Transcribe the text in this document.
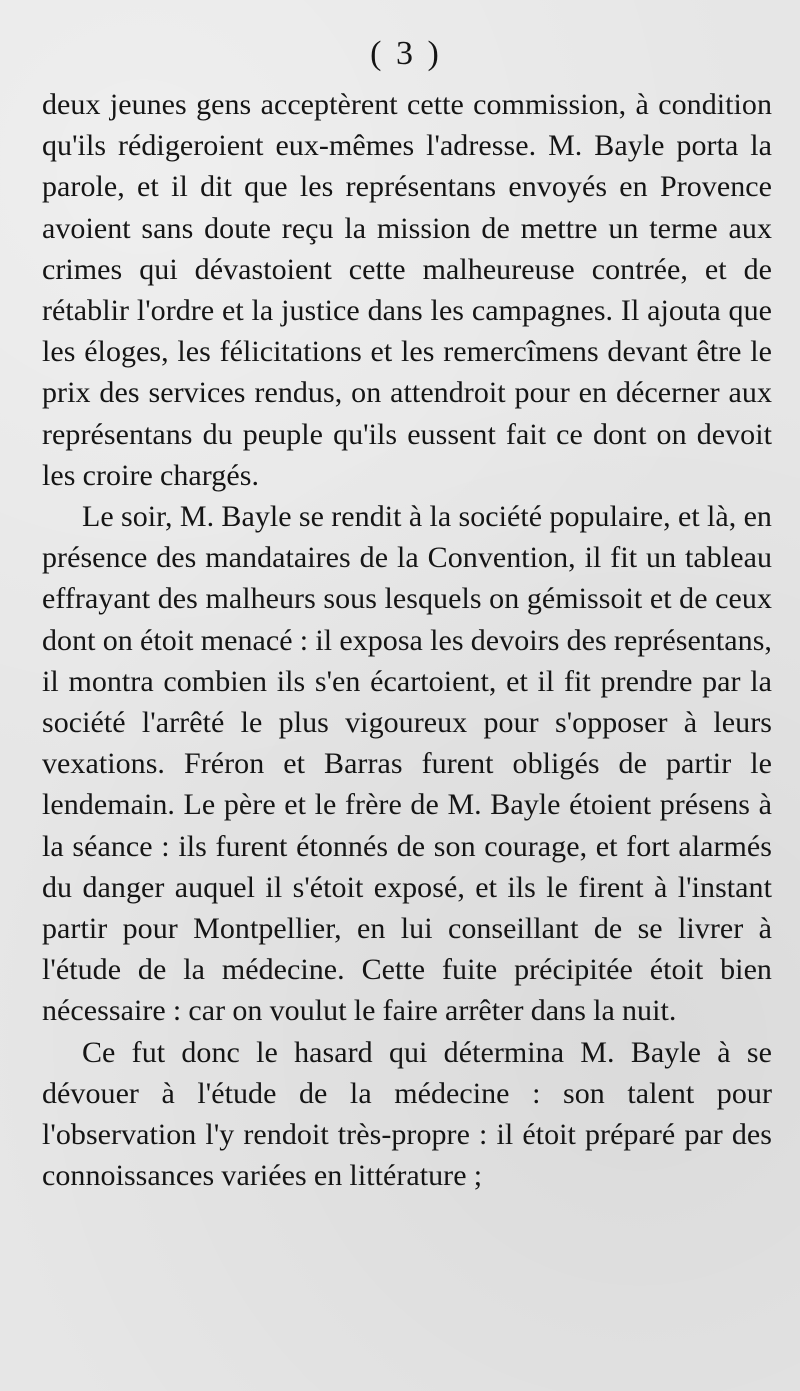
( 3 )

deux jeunes gens acceptèrent cette commission, à condition qu'ils rédigeroient eux-mêmes l'adresse. M. Bayle porta la parole, et il dit que les représentans envoyés en Provence avoient sans doute reçu la mission de mettre un terme aux crimes qui dévastoient cette malheureuse contrée, et de rétablir l'ordre et la justice dans les campagnes. Il ajouta que les éloges, les félicitations et les remercîmens devant être le prix des services rendus, on attendroit pour en décerner aux représentans du peuple qu'ils eussent fait ce dont on devoit les croire chargés.

Le soir, M. Bayle se rendit à la société populaire, et là, en présence des mandataires de la Convention, il fit un tableau effrayant des malheurs sous lesquels on gémissoit et de ceux dont on étoit menacé : il exposa les devoirs des représentans, il montra combien ils s'en écartoient, et il fit prendre par la société l'arrêté le plus vigoureux pour s'opposer à leurs vexations. Fréron et Barras furent obligés de partir le lendemain. Le père et le frère de M. Bayle étoient présens à la séance : ils furent étonnés de son courage, et fort alarmés du danger auquel il s'étoit exposé, et ils le firent à l'instant partir pour Montpellier, en lui conseillant de se livrer à l'étude de la médecine. Cette fuite précipitée étoit bien nécessaire : car on voulut le faire arrêter dans la nuit.

Ce fut donc le hasard qui détermina M. Bayle à se dévouer à l'étude de la médecine : son talent pour l'observation l'y rendoit très-propre : il étoit préparé par des connoissances variées en littérature ;
